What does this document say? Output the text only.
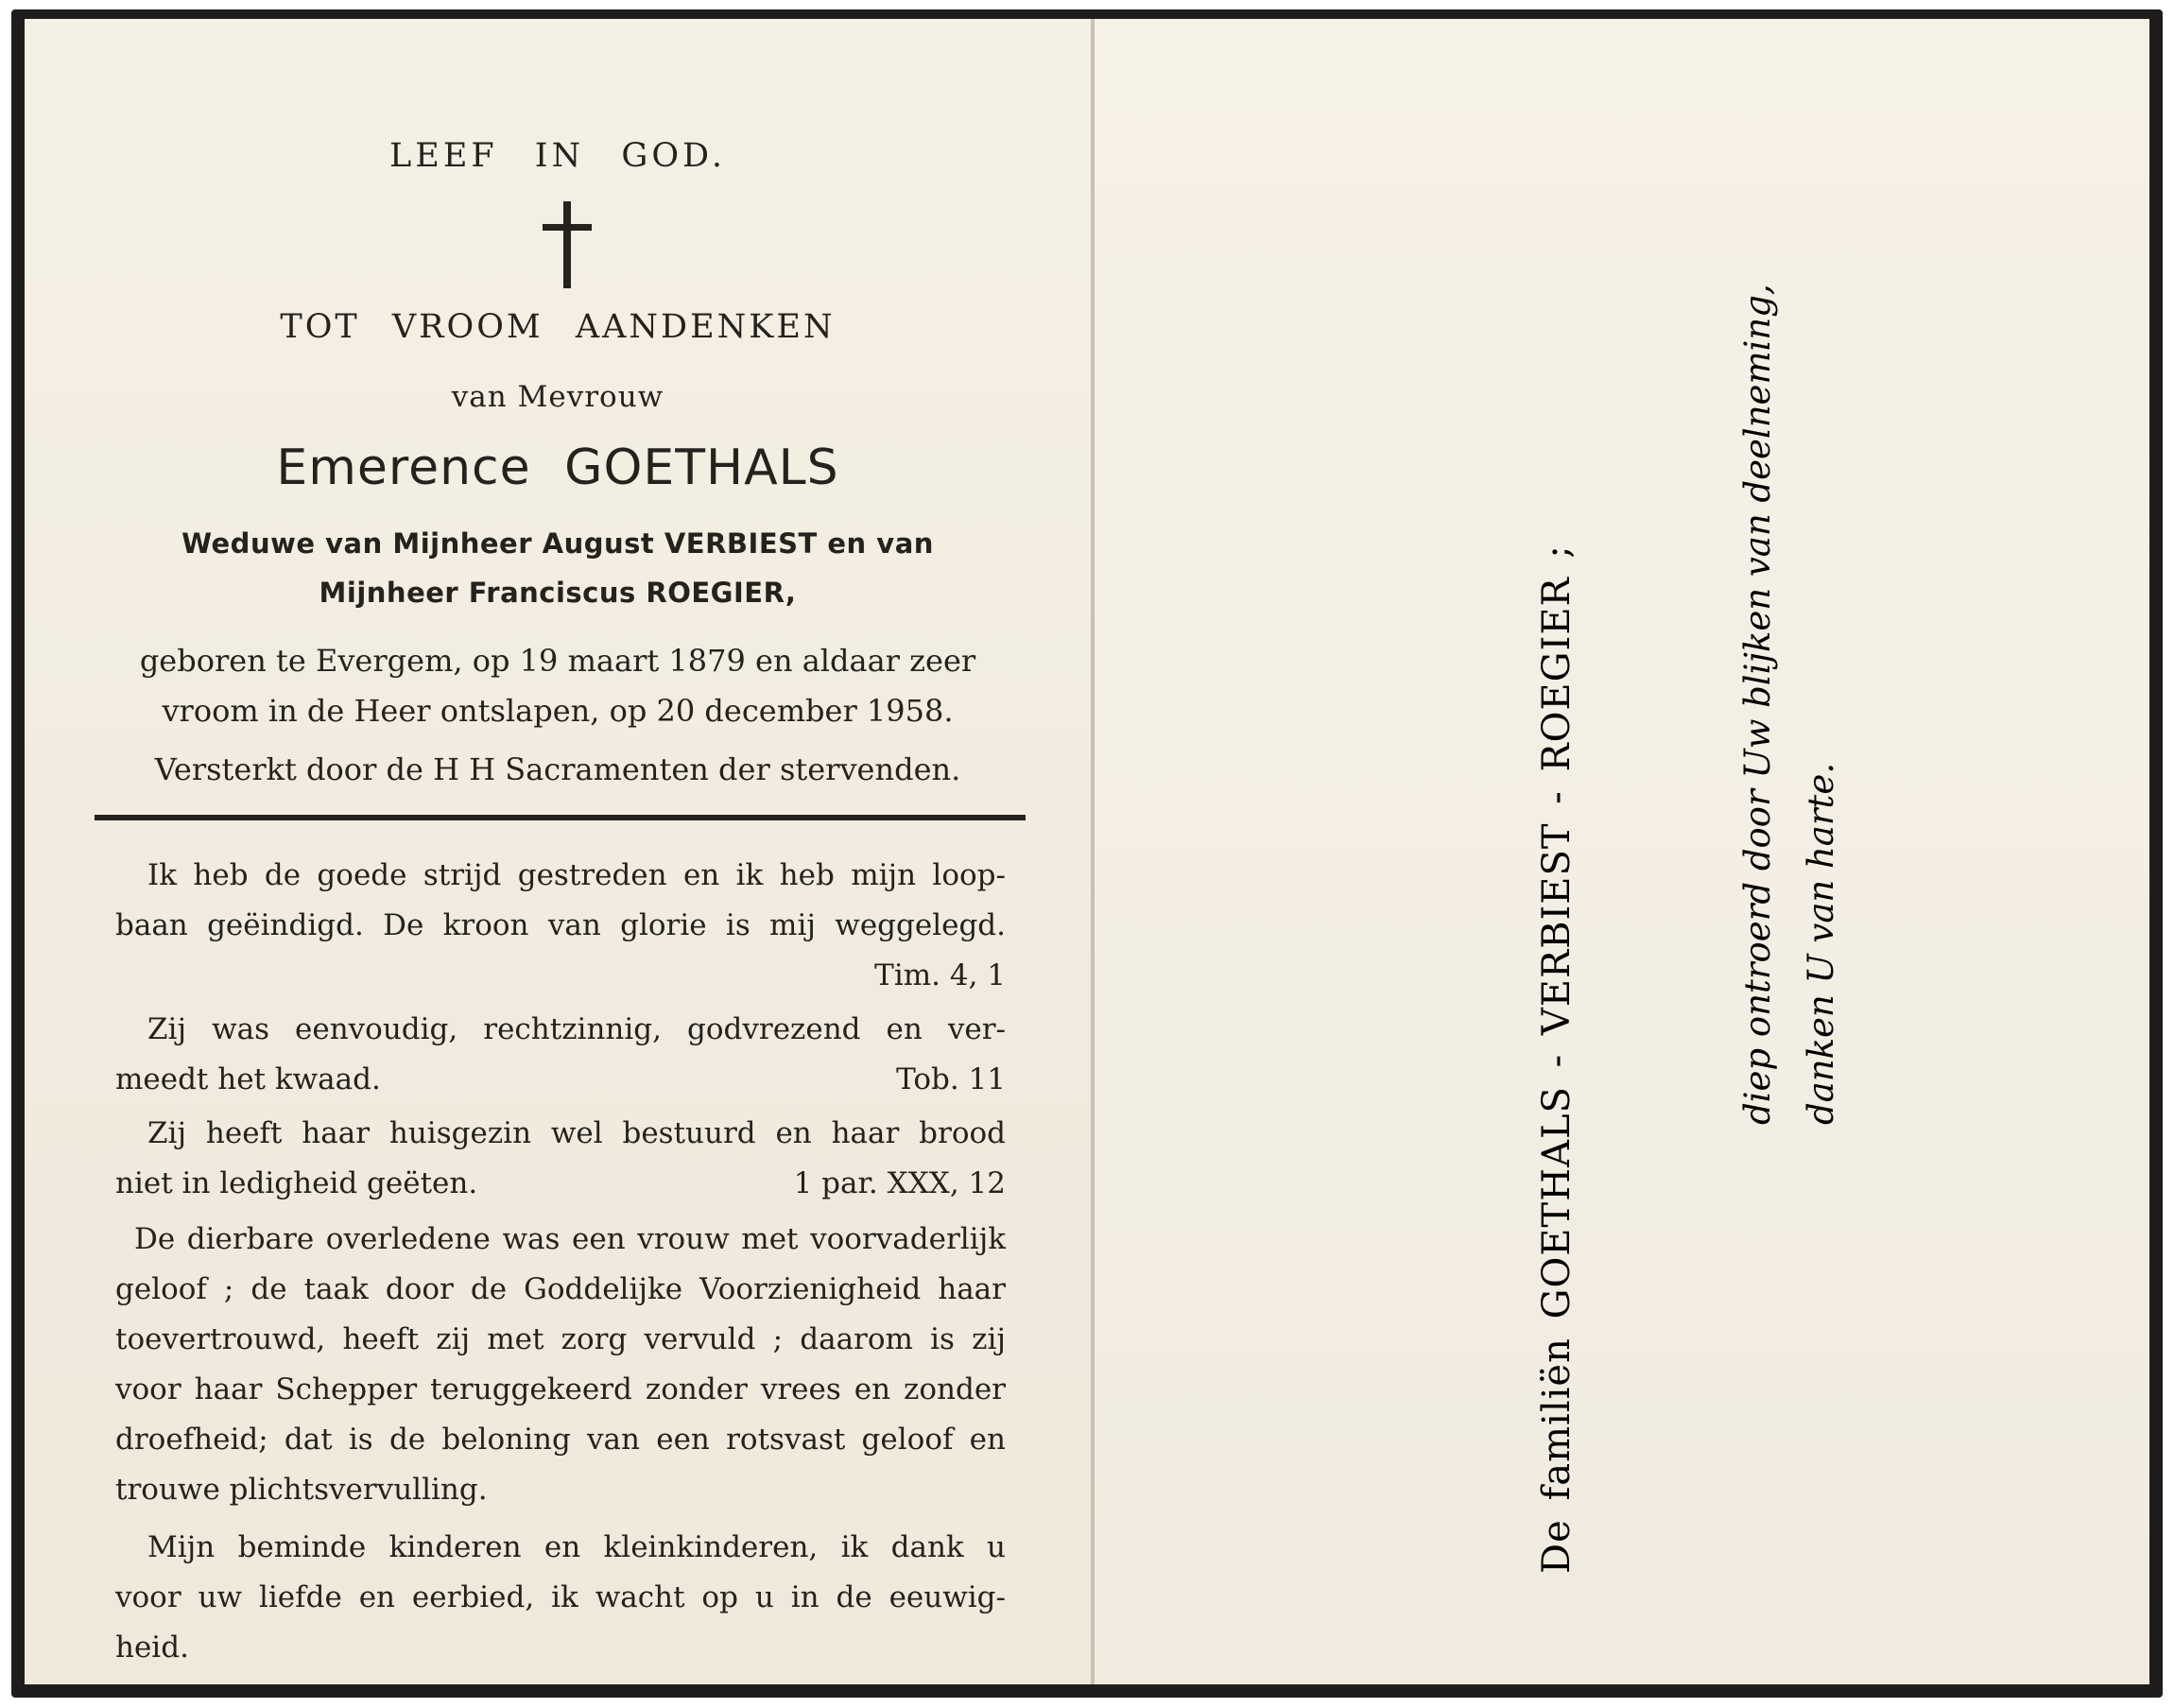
LEEF IN GOD.
TOT VROOM AANDENKEN
van Mevrouw
Emerence GOETHALS
Weduwe van Mijnheer August VERBIEST en van
Mijnheer Franciscus ROEGIER,
geboren te Evergem, op 19 maart 1879 en aldaar zeer
vroom in de Heer ontslapen, op 20 december 1958.
Versterkt door de H H Sacramenten der stervenden.
Ik heb de goede strijd gestreden en ik heb mijn loop-
baan geëindigd. De kroon van glorie is mij weggelegd.
Tim. 4, 1
Zij was eenvoudig, rechtzinnig, godvrezend en ver-
meedt het kwaad.	Tob. 11
Zij heeft haar huisgezin wel bestuurd en haar brood
niet in ledigheid geëten.	1 par. XXX, 12
De dierbare overledene was een vrouw met voorvaderlijk
geloof ; de taak door de Goddelijke Voorzienigheid haar
toevertrouwd, heeft zij met zorg vervuld ; daarom is zij
voor haar Schepper teruggekeerd zonder vrees en zonder
droefheid; dat is de beloning van een rotsvast geloof en
trouwe plichtsvervulling.
Mijn beminde kinderen en kleinkinderen, ik dank u
voor uw liefde en eerbied, ik wacht op u in de eeuwig-
heid.
De familiën GOETHALS - VERBIEST - ROEGIER ;	diep ontroerd door Uw blijken van deelneming, danken U van harte.
